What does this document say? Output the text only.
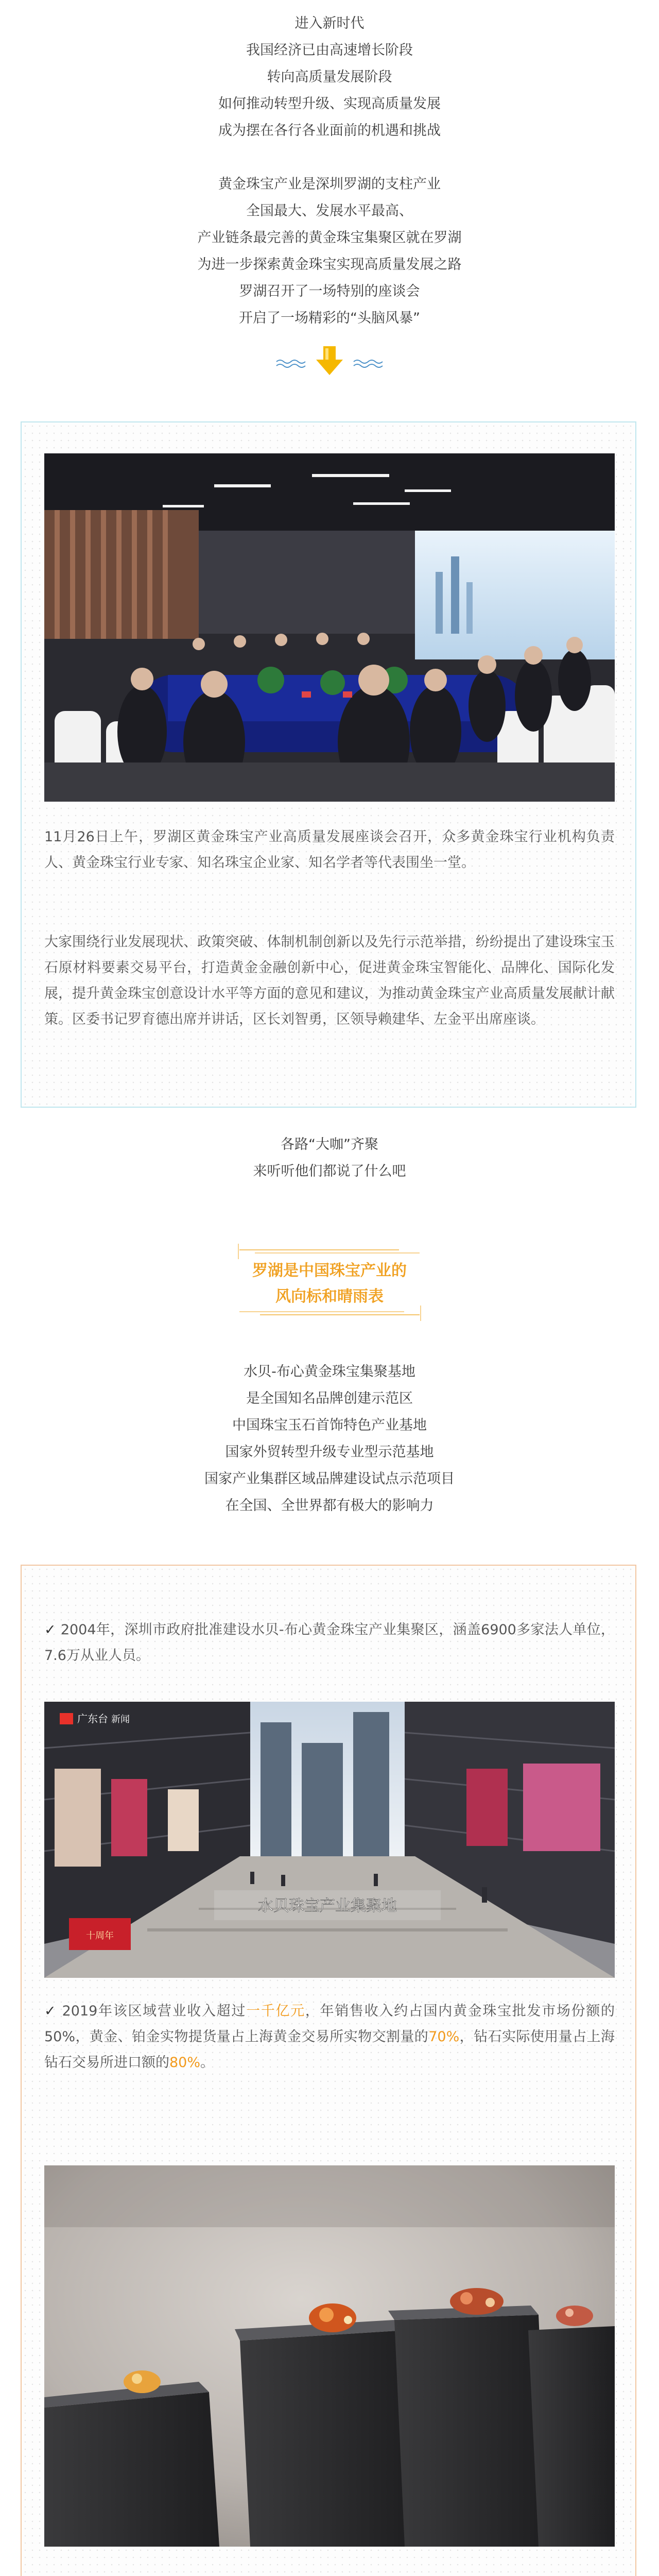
进入新时代
我国经济已由高速增长阶段
转向高质量发展阶段
如何推动转型升级、实现高质量发展
成为摆在各行各业面前的机遇和挑战
黄金珠宝产业是深圳罗湖的支柱产业
全国最大、发展水平最高、
产业链条最完善的黄金珠宝集聚区就在罗湖
为进一步探索黄金珠宝实现高质量发展之路
罗湖召开了一场特别的座谈会
开启了一场精彩的“头脑风暴”
11月26日上午，罗湖区黄金珠宝产业高质量发展座谈会召开，众多黄金珠宝行业机构负责人、黄金珠宝行业专家、知名珠宝企业家、知名学者等代表围坐一堂。
大家围绕行业发展现状、政策突破、体制机制创新以及先行示范举措，纷纷提出了建设珠宝玉石原材料要素交易平台，打造黄金金融创新中心，促进黄金珠宝智能化、品牌化、国际化发展，提升黄金珠宝创意设计水平等方面的意见和建议，为推动黄金珠宝产业高质量发展献计献策。区委书记罗育德出席并讲话，区长刘智勇，区领导赖建华、左金平出席座谈。
各路“大咖”齐聚
来听听他们都说了什么吧
罗湖是中国珠宝产业的
风向标和晴雨表
水贝-布心黄金珠宝集聚基地
是全国知名品牌创建示范区
中国珠宝玉石首饰特色产业基地
国家外贸转型升级专业型示范基地
国家产业集群区域品牌建设试点示范项目
在全国、全世界都有极大的影响力
✓ 2004年，深圳市政府批准建设水贝-布心黄金珠宝产业集聚区，涵盖6900多家法人单位，7.6万从业人员。
广东台 新闻
水贝珠宝产业集聚地
十周年
✓ 2019年该区域营业收入超过一千亿元，年销售收入约占国内黄金珠宝批发市场份额的50%，黄金、铂金实物提货量占上海黄金交易所实物交割量的70%，钻石实际使用量占上海钻石交易所进口额的80%。
